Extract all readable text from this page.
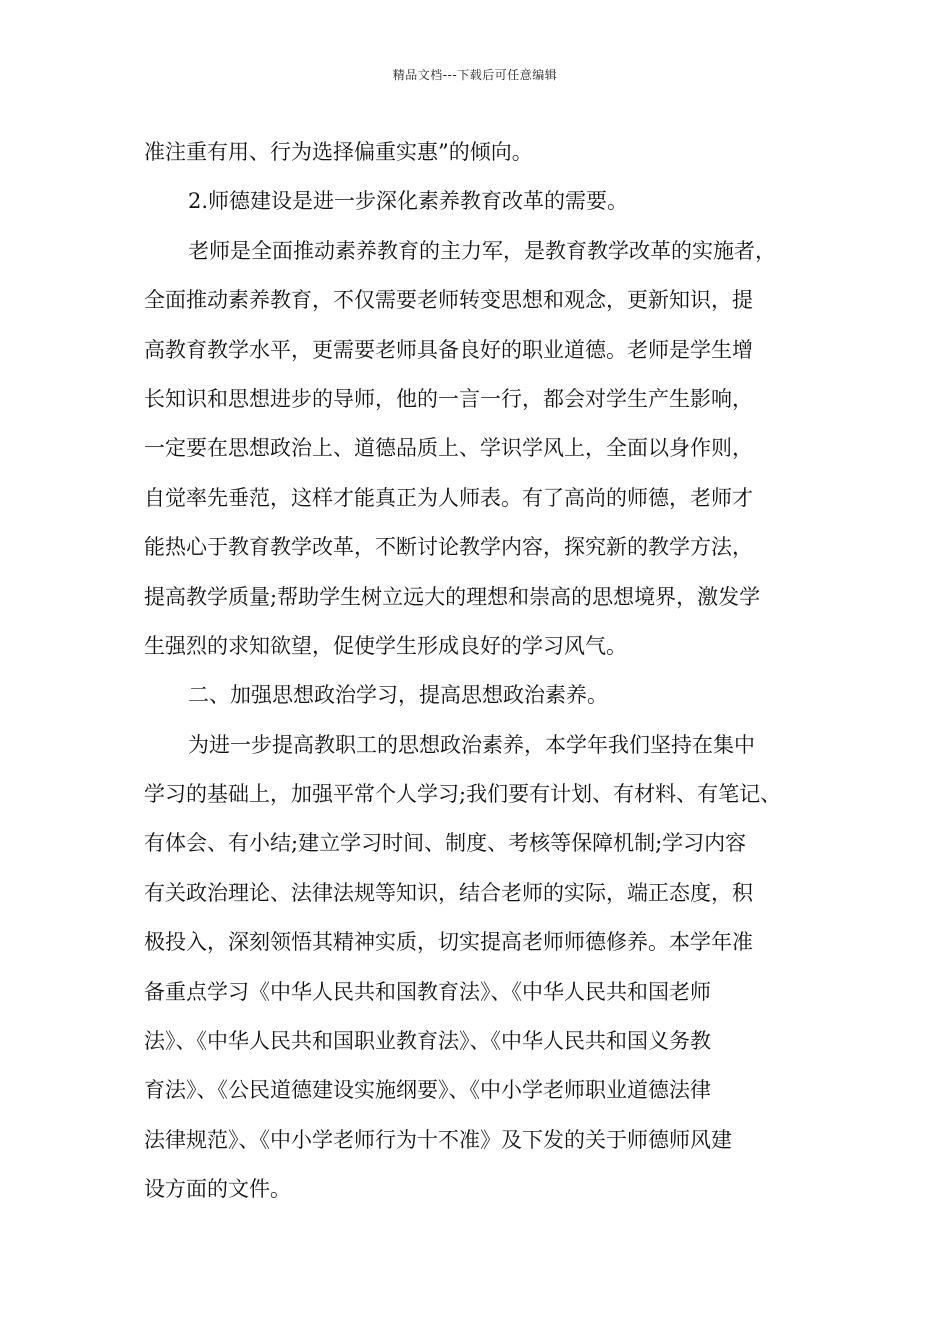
精品文档---下载后可任意编辑
准注重有用、行为选择偏重实惠”的倾向。
2.师德建设是进一步深化素养教育改革的需要。
老师是全面推动素养教育的主力军，是教育教学改革的实施者，
全面推动素养教育，不仅需要老师转变思想和观念，更新知识，提
高教育教学水平，更需要老师具备良好的职业道德。老师是学生增
长知识和思想进步的导师，他的一言一行，都会对学生产生影响，
一定要在思想政治上、道德品质上、学识学风上，全面以身作则，
自觉率先垂范，这样才能真正为人师表。有了高尚的师德，老师才
能热心于教育教学改革，不断讨论教学内容，探究新的教学方法，
提高教学质量;帮助学生树立远大的理想和崇高的思想境界，激发学
生强烈的求知欲望，促使学生形成良好的学习风气。
二、加强思想政治学习，提高思想政治素养。
为进一步提高教职工的思想政治素养，本学年我们坚持在集中
学习的基础上，加强平常个人学习;我们要有计划、有材料、有笔记、
有体会、有小结;建立学习时间、制度、考核等保障机制;学习内容
有关政治理论、法律法规等知识，结合老师的实际，端正态度，积
极投入，深刻领悟其精神实质，切实提高老师师德修养。本学年准
备重点学习《中华人民共和国教育法》、《中华人民共和国老师
法》、《中华人民共和国职业教育法》、《中华人民共和国义务教
育法》、《公民道德建设实施纲要》、《中小学老师职业道德法律
法律规范》、《中小学老师行为十不准》及下发的关于师德师风建
设方面的文件。
